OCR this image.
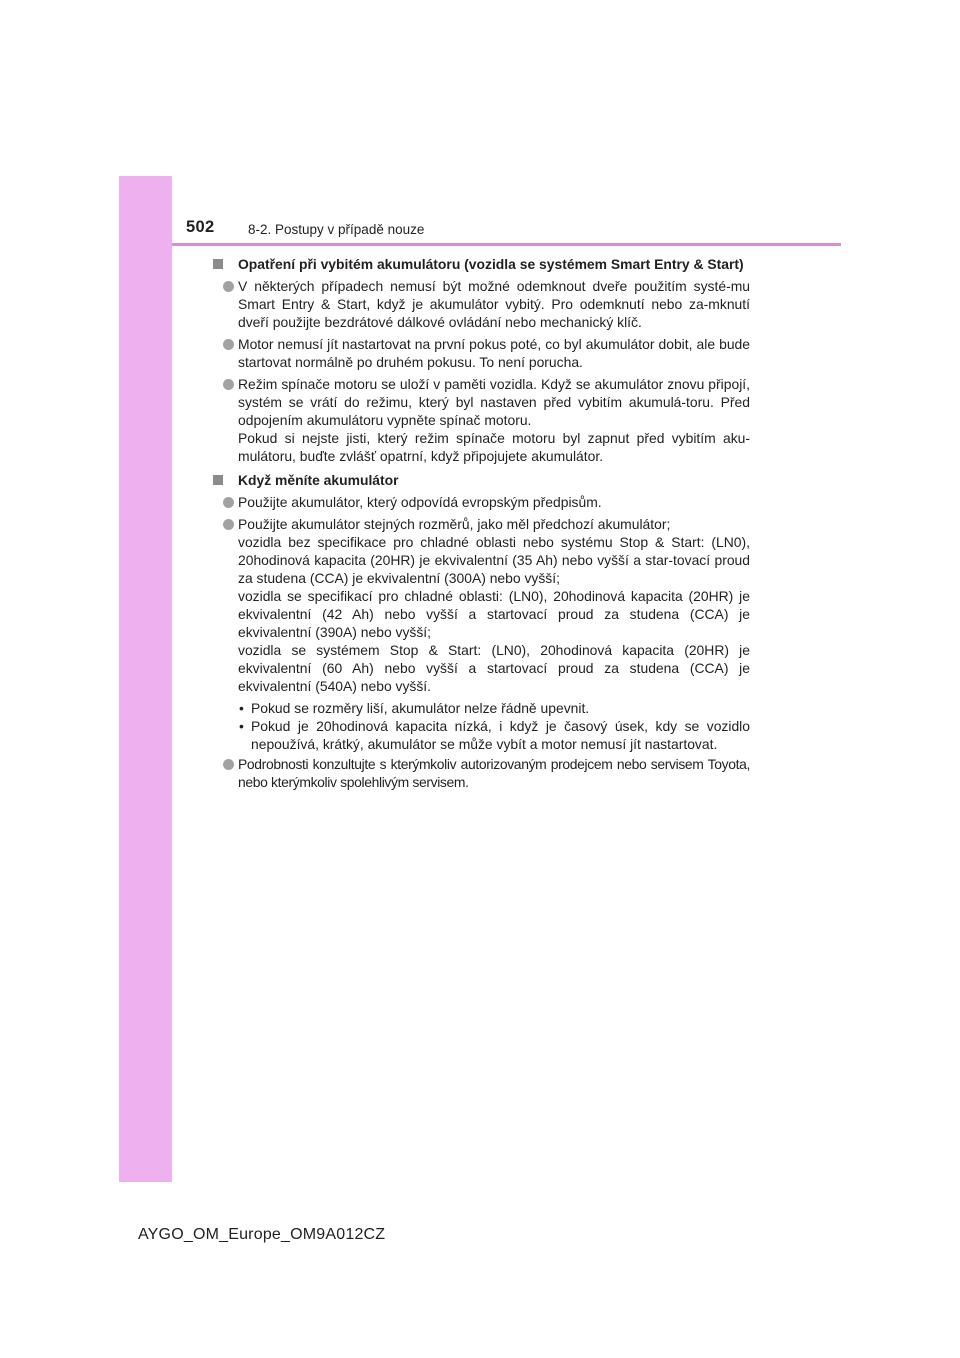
502 8-2. Postupy v případě nouze
Opatření při vybitém akumulátoru (vozidla se systémem Smart Entry & Start)
V některých případech nemusí být možné odemknout dveře použitím systé-mu Smart Entry & Start, když je akumulátor vybitý. Pro odemknutí nebo za-mknutí dveří použijte bezdrátové dálkové ovládání nebo mechanický klíč.
Motor nemusí jít nastartovat na první pokus poté, co byl akumulátor dobit, ale bude startovat normálně po druhém pokusu. To není porucha.
Režim spínače motoru se uloží v paměti vozidla. Když se akumulátor znovu připojí, systém se vrátí do režimu, který byl nastaven před vybitím akumulá-toru. Před odpojením akumulátoru vypněte spínač motoru.
Pokud si nejste jisti, který režim spínače motoru byl zapnut před vybitím aku-mulátoru, buďte zvlášť opatrní, když připojujete akumulátor.
Když měníte akumulátor
Použijte akumulátor, který odpovídá evropským předpisům.
Použijte akumulátor stejných rozměrů, jako měl předchozí akumulátor;
vozidla bez specifikace pro chladné oblasti nebo systému Stop & Start: (LN0), 20hodinová kapacita (20HR) je ekvivalentní (35 Ah) nebo vyšší a star-tovací proud za studena (CCA) je ekvivalentní (300A) nebo vyšší;
vozidla se specifikací pro chladné oblasti: (LN0), 20hodinová kapacita (20HR) je ekvivalentní (42 Ah) nebo vyšší a startovací proud za studena (CCA) je ekvivalentní (390A) nebo vyšší;
vozidla se systémem Stop & Start: (LN0), 20hodinová kapacita (20HR) je ekvivalentní (60 Ah) nebo vyšší a startovací proud za studena (CCA) je ekvivalentní (540A) nebo vyšší.
• Pokud se rozměry liší, akumulátor nelze řádně upevnit.
• Pokud je 20hodinová kapacita nízká, i když je časový úsek, kdy se vozidlo nepoužívá, krátký, akumulátor se může vybít a motor nemusí jít nastartovat.
Podrobnosti konzultujte s kterýmkoliv autorizovaným prodejcem nebo servisem Toyota, nebo kterýmkoliv spolehlivým servisem.
AYGO_OM_Europe_OM9A012CZ
